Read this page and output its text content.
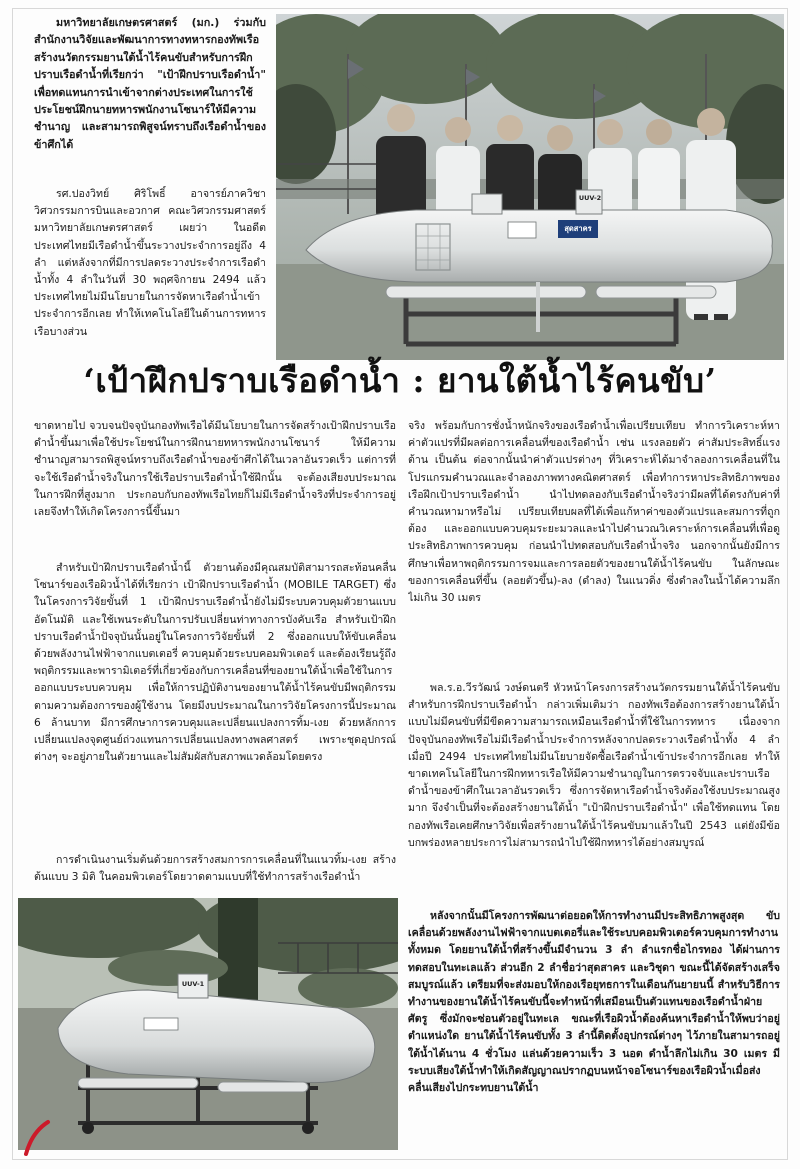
มหาวิทยาลัยเกษตรศาสตร์ (มก.) ร่วมกับสำนักงานวิจัยและพัฒนาการทางทหารกองทัพเรือ สร้างนวัตกรรมยานใต้น้ำไร้คนขับสำหรับการฝึกปราบเรือดำน้ำที่เรียกว่า "เป้าฝึกปราบเรือดำน้ำ" เพื่อทดแทนการนำเข้าจากต่างประเทศในการใช้ประโยชน์ฝึกนายทหารพนักงานโซนาร์ให้มีความชำนาญ และสามารถพิสูจน์ทราบถึงเรือดำน้ำของข้าศึกได้

รศ.ปองวิทย์ ศิริโพธิ์ อาจารย์ภาควิชาวิศวกรรมการบินและอวกาศ คณะวิศวกรรมศาสตร์ มหาวิทยาลัยเกษตรศาสตร์ เผยว่า ในอดีตประเทศไทยมีเรือดำน้ำขึ้นระวางประจำการอยู่ถึง 4 ลำ แต่หลังจากที่มีการปลดระวางประจำการเรือดำน้ำทั้ง 4 ลำในวันที่ 30 พฤศจิกายน 2494 แล้ว ประเทศไทยไม่มีนโยบายในการจัดหาเรือดำน้ำเข้าประจำการอีกเลย ทำให้เทคโนโลยีในด้านการทหารเรือบางส่วน

UUV-2
สุดสาคร
‘เป้าฝึกปราบเรือดำน้ำ : ยานใต้น้ำไร้คนขับ’

ขาดหายไป จวบจนปัจจุบันกองทัพเรือได้มีนโยบายในการจัดสร้างเป้าฝึกปราบเรือดำน้ำขึ้นมาเพื่อใช้ประโยชน์ในการฝึกนายทหารพนักงานโซนาร์ ให้มีความชำนาญสามารถพิสูจน์ทราบถึงเรือดำน้ำของข้าศึกได้ในเวลาอันรวดเร็ว แต่การที่จะใช้เรือดำน้ำจริงในการใช้เรือปราบเรือดำน้ำใช้ฝึกนั้น จะต้องเสียงบประมาณในการฝึกที่สูงมาก ประกอบกับกองทัพเรือไทยก็ไม่มีเรือดำน้ำจริงที่ประจำการอยู่เลยจึงทำให้เกิดโครงการนี้ขึ้นมา

สำหรับเป้าฝึกปราบเรือดำน้ำนี้ ตัวยานต้องมีคุณสมบัติสามารถสะท้อนคลื่นโซนาร์ของเรือผิวน้ำได้ที่เรียกว่า เป้าฝึกปราบเรือดำน้ำ (MOBILE TARGET) ซึ่งในโครงการวิจัยขั้นที่ 1 เป้าฝึกปราบเรือดำน้ำยังไม่มีระบบควบคุมตัวยานแบบอัตโนมัติ และใช้เพนระดับในการปรับเปลี่ยนท่าทางการบังคับเรือ สำหรับเป้าฝึกปราบเรือดำน้ำปัจจุบันนั้นอยู่ในโครงการวิจัยขั้นที่ 2 ซึ่งออกแบบให้ขับเคลื่อนด้วยพลังงานไฟฟ้าจากแบตเตอรี่ ควบคุมด้วยระบบคอมพิวเตอร์ และต้องเรียนรู้ถึงพฤติกรรมและพารามิเตอร์ที่เกี่ยวข้องกับการเคลื่อนที่ของยานใต้น้ำเพื่อใช้ในการออกแบบระบบควบคุม เพื่อให้การปฏิบัติงานของยานใต้น้ำไร้คนขับมีพฤติกรรมตามความต้องการของผู้ใช้งาน โดยมีงบประมาณในการวิจัยโครงการนี้ประมาณ 6 ล้านบาท มีการศึกษาการควบคุมและเปลี่ยนแปลงการทิ้ม-เงย ด้วยหลักการเปลี่ยนแปลงจุดศูนย์ถ่วงแทนการเปลี่ยนแปลงทางพลศาสตร์ เพราะชุดอุปกรณ์ต่างๆ จะอยู่ภายในตัวยานและไม่สัมผัสกับสภาพแวดล้อมโดยตรง

การดำเนินงานเริ่มต้นด้วยการสร้างสมการการเคลื่อนที่ในแนวทิ้ม-เงย สร้างต้นแบบ 3 มิติ ในคอมพิวเตอร์โดยวาดตามแบบที่ใช้ทำการสร้างเรือดำน้ำ

UUV-1

จริง พร้อมกับการชั่งน้ำหนักจริงของเรือดำน้ำเพื่อเปรียบเทียบ ทำการวิเคราะห์หาค่าตัวแปรที่มีผลต่อการเคลื่อนที่ของเรือดำน้ำ เช่น แรงลอยตัว ค่าสัมประสิทธิ์แรงต้าน เป็นต้น ต่อจากนั้นนำค่าตัวแปรต่างๆ ที่วิเคราะห์ได้มาจำลองการเคลื่อนที่ในโปรแกรมคำนวณและจำลองภาพทางคณิตศาสตร์ เพื่อทำการหาประสิทธิภาพของเรือฝึกเป้าปราบเรือดำน้ำ นำไปทดลองกับเรือดำน้ำจริงว่ามีผลที่ได้ตรงกับค่าที่คำนวณหามาหรือไม่ เปรียบเทียบผลที่ได้เพื่อแก้หาค่าของตัวแปรและสมการที่ถูกต้อง และออกแบบควบคุมระยะมวลและนำไปคำนวณวิเคราะห์การเคลื่อนที่เพื่อดูประสิทธิภาพการควบคุม ก่อนนำไปทดสอบกับเรือดำน้ำจริง นอกจากนั้นยังมีการศึกษาเพื่อหาพฤติกรรมการจมและการลอยตัวของยานใต้น้ำไร้คนขับ ในลักษณะของการเคลื่อนที่ขึ้น (ลอยตัวขึ้น)-ลง (ดำลง) ในแนวดิ่ง ซึ่งดำลงในน้ำได้ความลึกไม่เกิน 30 เมตร

พล.ร.อ.วีรวัฒน์ วงษ์ดนตรี หัวหน้าโครงการสร้างนวัตกรรมยานใต้น้ำไร้คนขับสำหรับการฝึกปราบเรือดำน้ำ กล่าวเพิ่มเติมว่า กองทัพเรือต้องการสร้างยานใต้น้ำแบบไม่มีคนขับที่มีขีดความสามารถเหมือนเรือดำน้ำที่ใช้ในการทหาร เนื่องจากปัจจุบันกองทัพเรือไม่มีเรือดำน้ำประจำการหลังจากปลดระวางเรือดำน้ำทั้ง 4 ลำเมื่อปี 2494 ประเทศไทยไม่มีนโยบายจัดซื้อเรือดำน้ำเข้าประจำการอีกเลย ทำให้ขาดเทคโนโลยีในการฝึกทหารเรือให้มีความชำนาญในการตรวจจับและปราบเรือดำน้ำของข้าศึกในเวลาอันรวดเร็ว ซึ่งการจัดหาเรือดำน้ำจริงต้องใช้งบประมาณสูงมาก จึงจำเป็นที่จะต้องสร้างยานใต้น้ำ "เป้าฝึกปราบเรือดำน้ำ" เพื่อใช้ทดแทน โดยกองทัพเรือเคยศึกษาวิจัยเพื่อสร้างยานใต้น้ำไร้คนขับมาแล้วในปี 2543 แต่ยังมีข้อบกพร่องหลายประการไม่สามารถนำไปใช้ฝึกทหารได้อย่างสมบูรณ์

หลังจากนั้นมีโครงการพัฒนาต่อยอดให้การทำงานมีประสิทธิภาพสูงสุด ขับเคลื่อนด้วยพลังงานไฟฟ้าจากแบตเตอรี่และใช้ระบบคอมพิวเตอร์ควบคุมการทำงานทั้งหมด โดยยานใต้น้ำที่สร้างขึ้นมีจำนวน 3 ลำ ลำแรกชื่อไกรทอง ได้ผ่านการทดสอบในทะเลแล้ว ส่วนอีก 2 ลำชื่อว่าสุดสาคร และวิชุดา ขณะนี้ได้จัดสร้างเสร็จสมบูรณ์แล้ว เตรียมที่จะส่งมอบให้กองเรือยุทธการในเดือนกันยายนนี้ สำหรับวิธีการทำงานของยานใต้น้ำไร้คนขับนี้จะทำหน้าที่เสมือนเป็นตัวแทนของเรือดำน้ำฝ่ายศัตรู ซึ่งมักจะซ่อนตัวอยู่ในทะเล ขณะที่เรือผิวน้ำต้องค้นหาเรือดำน้ำให้พบว่าอยู่ตำแหน่งใด ยานใต้น้ำไร้คนขับทั้ง 3 ลำนี้ติดตั้งอุปกรณ์ต่างๆ ไว้ภายในสามารถอยู่ใต้น้ำได้นาน 4 ชั่วโมง แล่นด้วยความเร็ว 3 นอต ดำน้ำลึกไม่เกิน 30 เมตร มีระบบเสียงใต้น้ำทำให้เกิดสัญญาณปรากฏบนหน้าจอโซนาร์ของเรือผิวน้ำเมื่อส่งคลื่นเสียงไปกระทบยานใต้น้ำ
